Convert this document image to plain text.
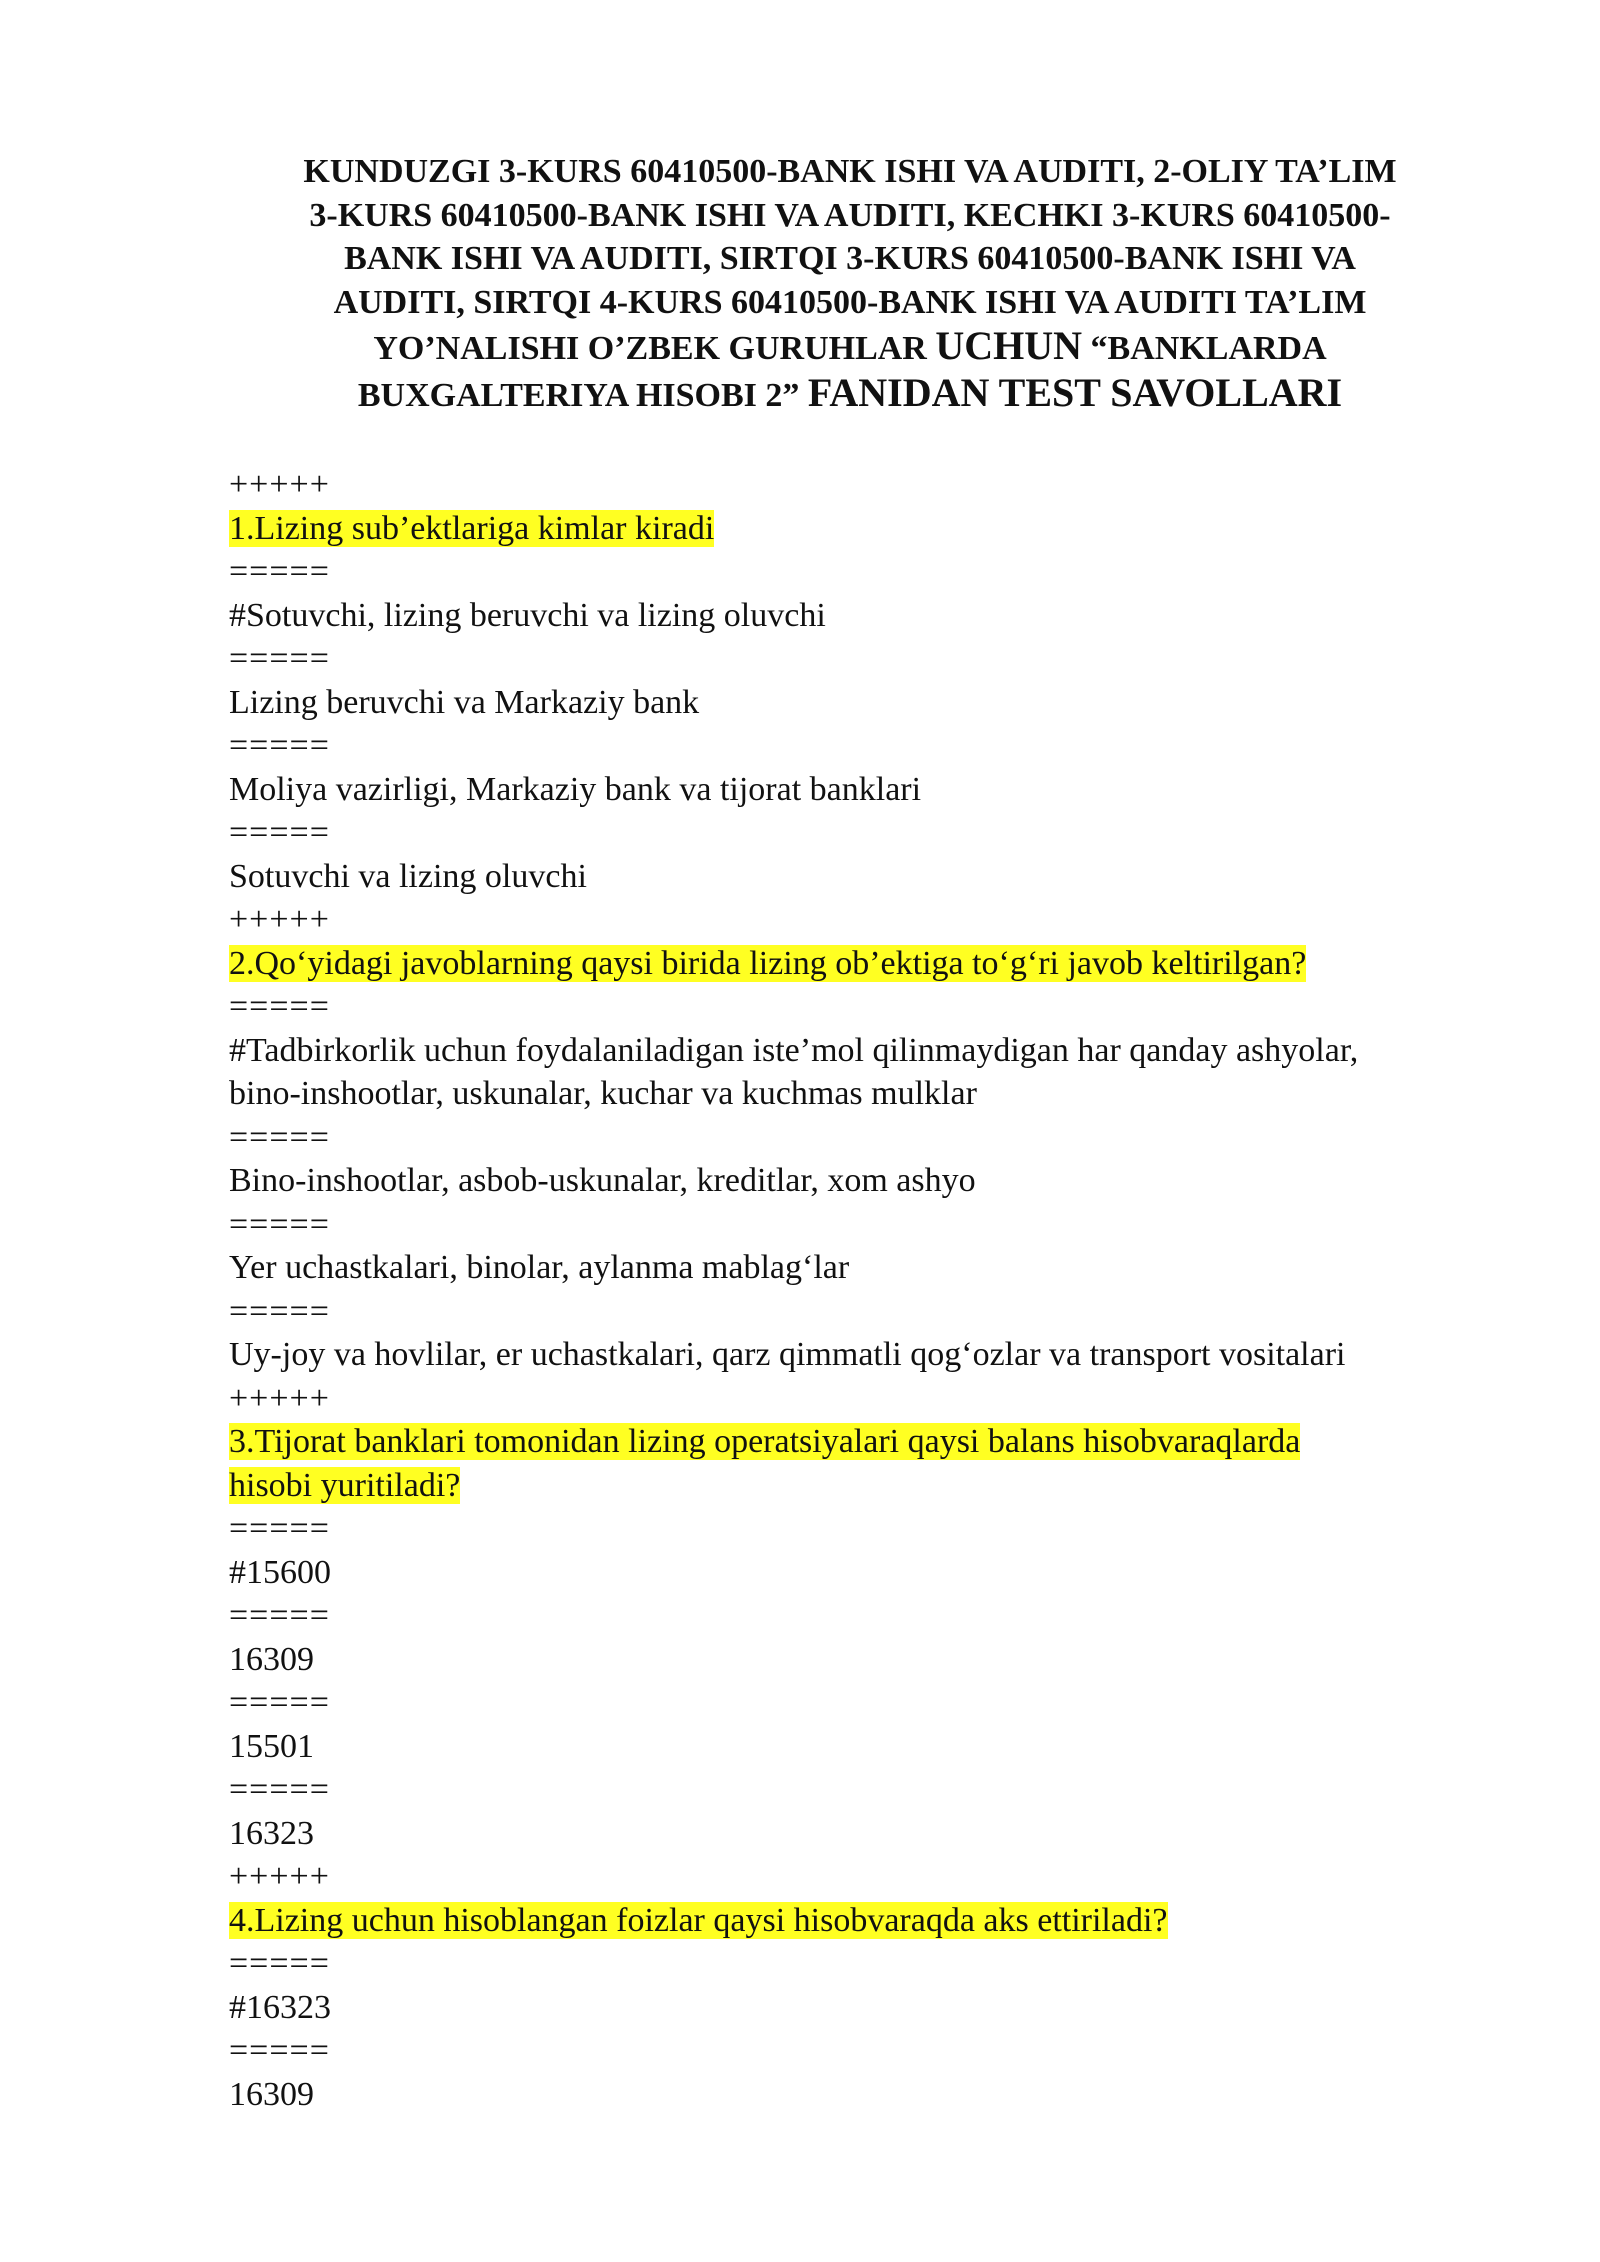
KUNDUZGI 3-KURS 60410500-BANK ISHI VA AUDITI, 2-OLIY TA’LIM
3-KURS 60410500-BANK ISHI VA AUDITI, KECHKI 3-KURS 60410500-
BANK ISHI VA AUDITI, SIRTQI 3-KURS 60410500-BANK ISHI VA
AUDITI, SIRTQI 4-KURS 60410500-BANK ISHI VA AUDITI TA’LIM
YO’NALISHI O’ZBEK GURUHLAR UCHUN “BANKLARDA
BUXGALTERIYA HISOBI 2” FANIDAN TEST SAVOLLARI
+++++
1.Lizing sub’ektlariga kimlar kiradi
=====
#Sotuvchi, lizing beruvchi va lizing oluvchi
=====
Lizing beruvchi va Markaziy bank
=====
Moliya vazirligi, Markaziy bank va tijorat banklari
=====
Sotuvchi va lizing oluvchi
+++++
2.Qo‘yidagi javoblarning qaysi birida lizing ob’ektiga to‘g‘ri javob keltirilgan?
=====
#Tadbirkorlik uchun foydalaniladigan iste’mol qilinmaydigan har qanday ashyolar,
bino-inshootlar, uskunalar, kuchar va kuchmas mulklar
=====
Bino-inshootlar, asbob-uskunalar, kreditlar, xom ashyo
=====
Yer uchastkalari, binolar, aylanma mablag‘lar
=====
Uy-joy va hovlilar, er uchastkalari, qarz qimmatli qog‘ozlar va transport vositalari
+++++
3.Tijorat banklari tomonidan lizing operatsiyalari qaysi balans hisobvaraqlarda
hisobi yuritiladi?
=====
#15600
=====
16309
=====
15501
=====
16323
+++++
4.Lizing uchun hisoblangan foizlar qaysi hisobvaraqda aks ettiriladi?
=====
#16323
=====
16309
